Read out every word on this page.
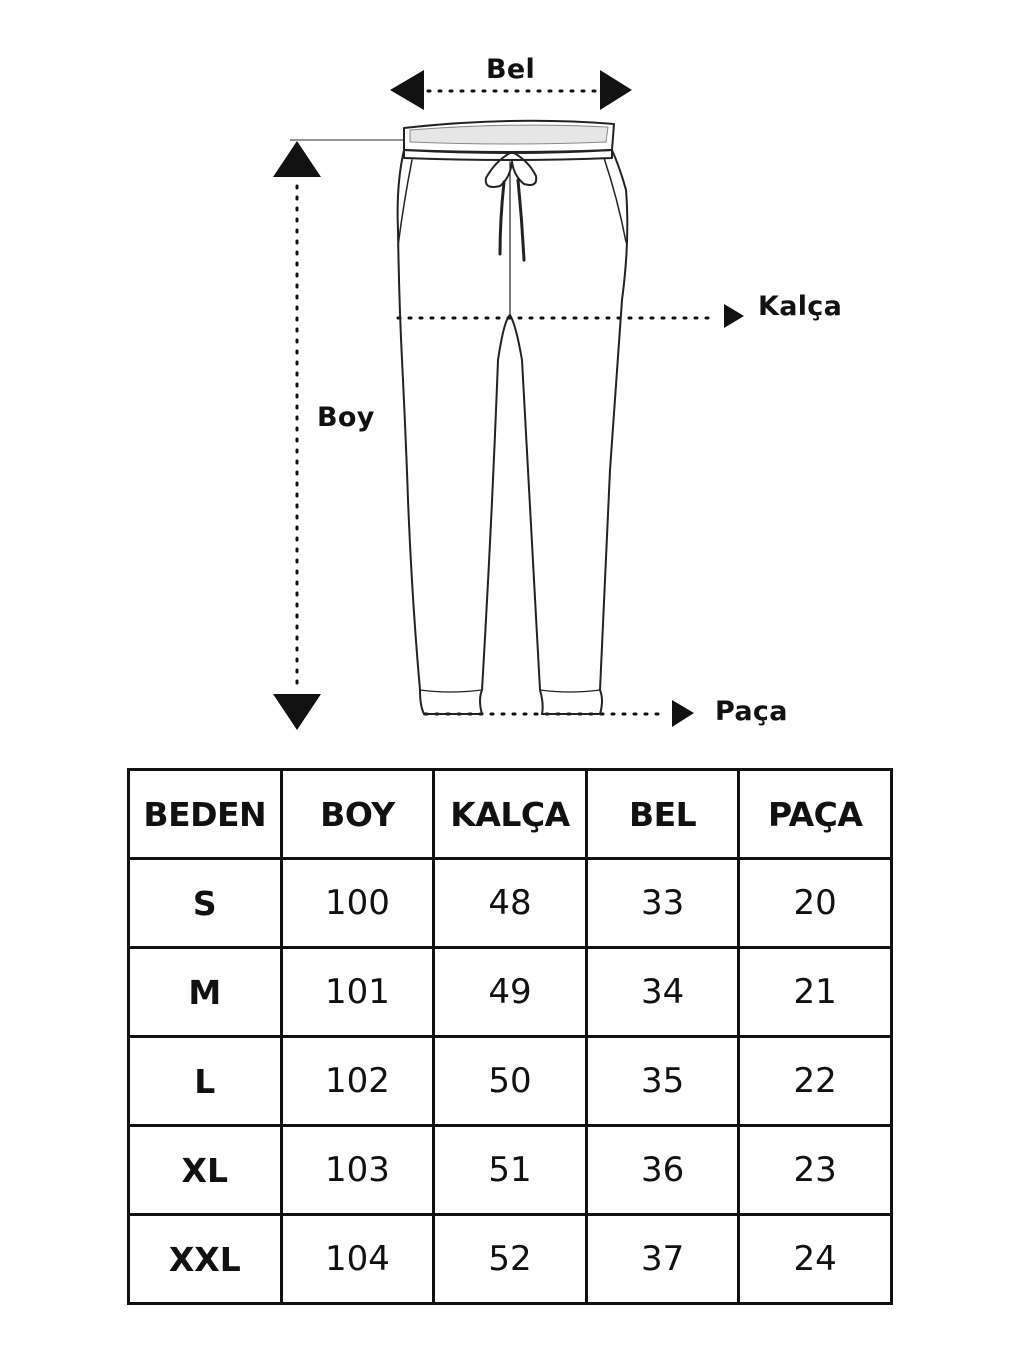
Bel
Kalça
Boy
Paça
BEDEN	BOY	KALÇA	BEL	PAÇA
S	100	48	33	20
M	101	49	34	21
L	102	50	35	22
XL	103	51	36	23
XXL	104	52	37	24
